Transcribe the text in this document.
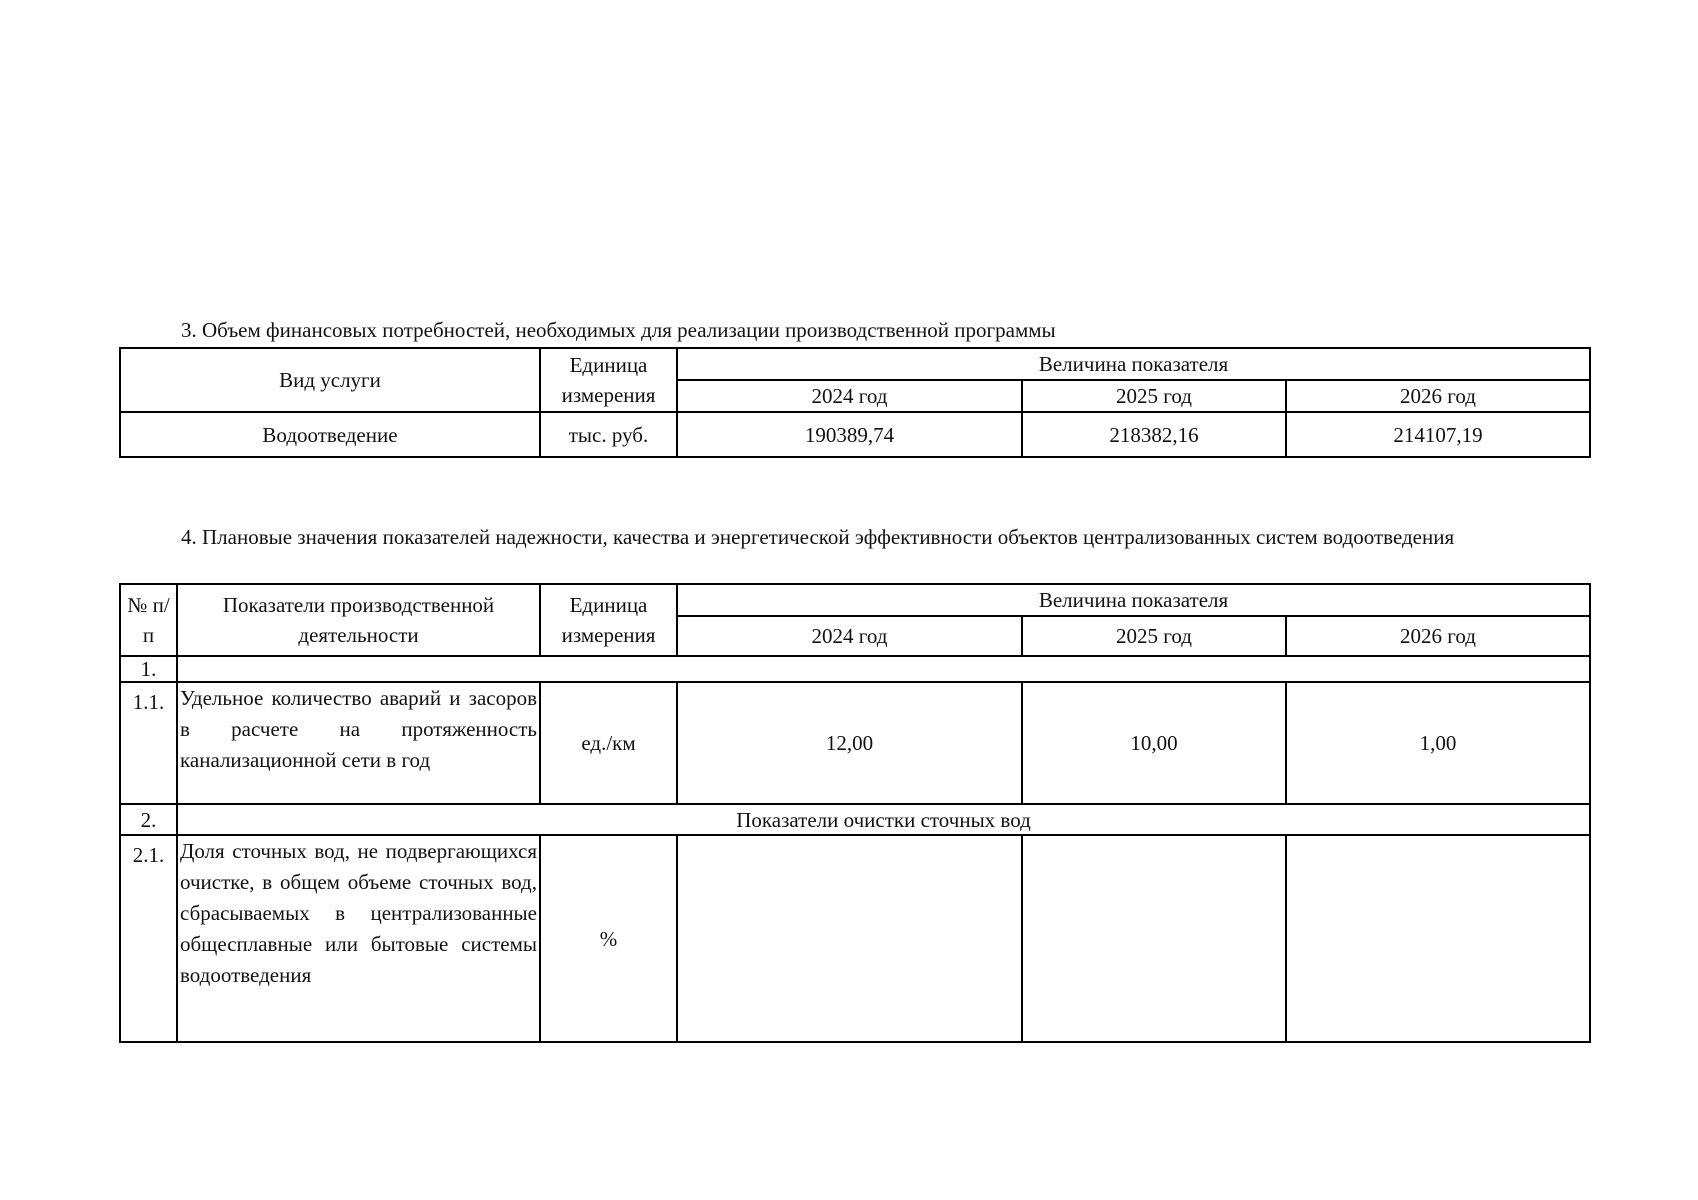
3. Объем финансовых потребностей, необходимых для реализации производственной программы
Вид услуги	Единица измерения	Величина показателя		
		2024 год	2025 год	2026 год
Водоотведение	тыс. руб.	190389,74	218382,16	214107,19
4. Плановые значения показателей надежности, качества и энергетической эффективности объектов централизованных систем водоотведения
№ п/п	Показатели производственной деятельности	Единица измерения	Величина показателя		
			2024 год	2025 год	2026 год
1.					
1.1.	Удельное количество аварий и засоров в расчете на протяженность канализационной сети в год	ед./км	12,00	10,00	1,00
2.	Показатели очистки сточных вод				
2.1.	Доля сточных вод, не подвергающихся очистке, в общем объеме сточных вод, сбрасываемых в централизованные общесплавные или бытовые системы водоотведения	%			
